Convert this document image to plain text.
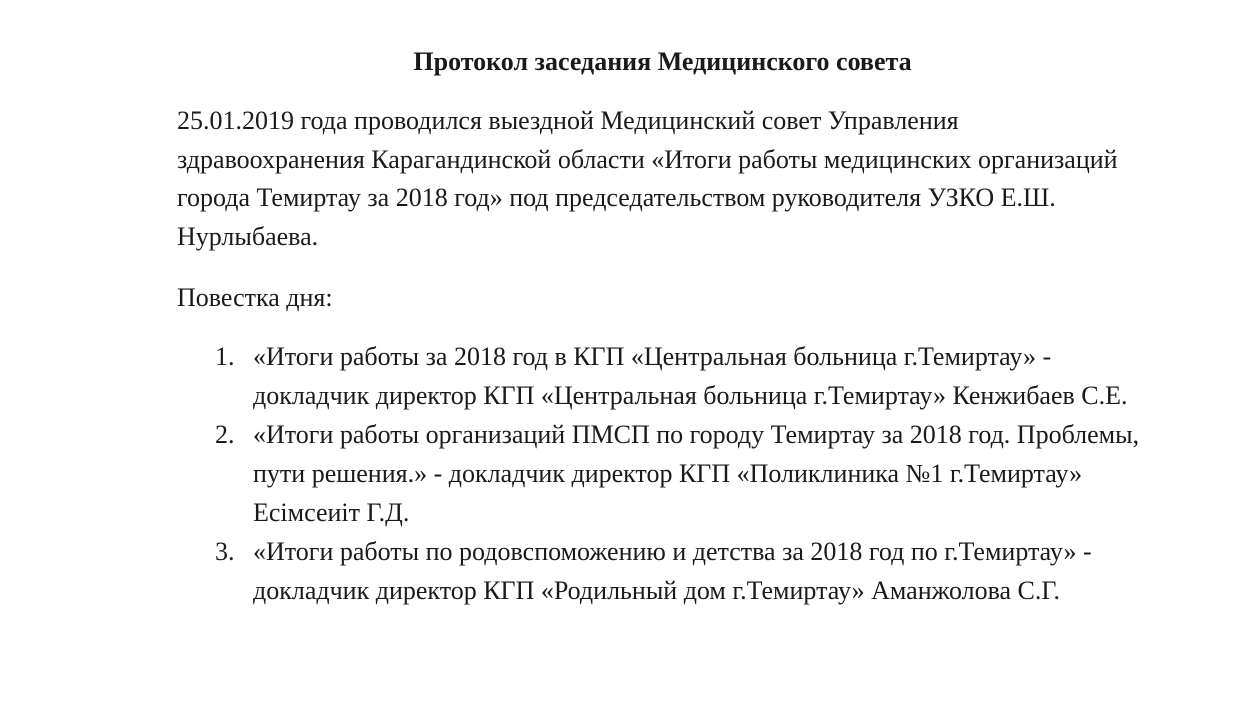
Протокол заседания Медицинского совета

25.01.2019 года проводился выездной Медицинский совет Управления здравоохранения Карагандинской области «Итоги работы медицинских организаций города Темиртау за 2018 год» под председательством руководителя УЗКО Е.Ш. Нурлыбаева.

Повестка дня:

1. «Итоги работы за 2018 год в КГП «Центральная больница г.Темиртау» - докладчик директор КГП «Центральная больница г.Темиртау» Кенжибаев С.Е.
2. «Итоги работы организаций ПМСП по городу Темиртау за 2018 год. Проблемы, пути решения.» - докладчик директор КГП «Поликлиника №1 г.Темиртау» Есімсеиіт Г.Д.
3. «Итоги работы по родовспоможению и детства за 2018 год по г.Темиртау» - докладчик директор КГП «Родильный дом г.Темиртау» Аманжолова С.Г.
